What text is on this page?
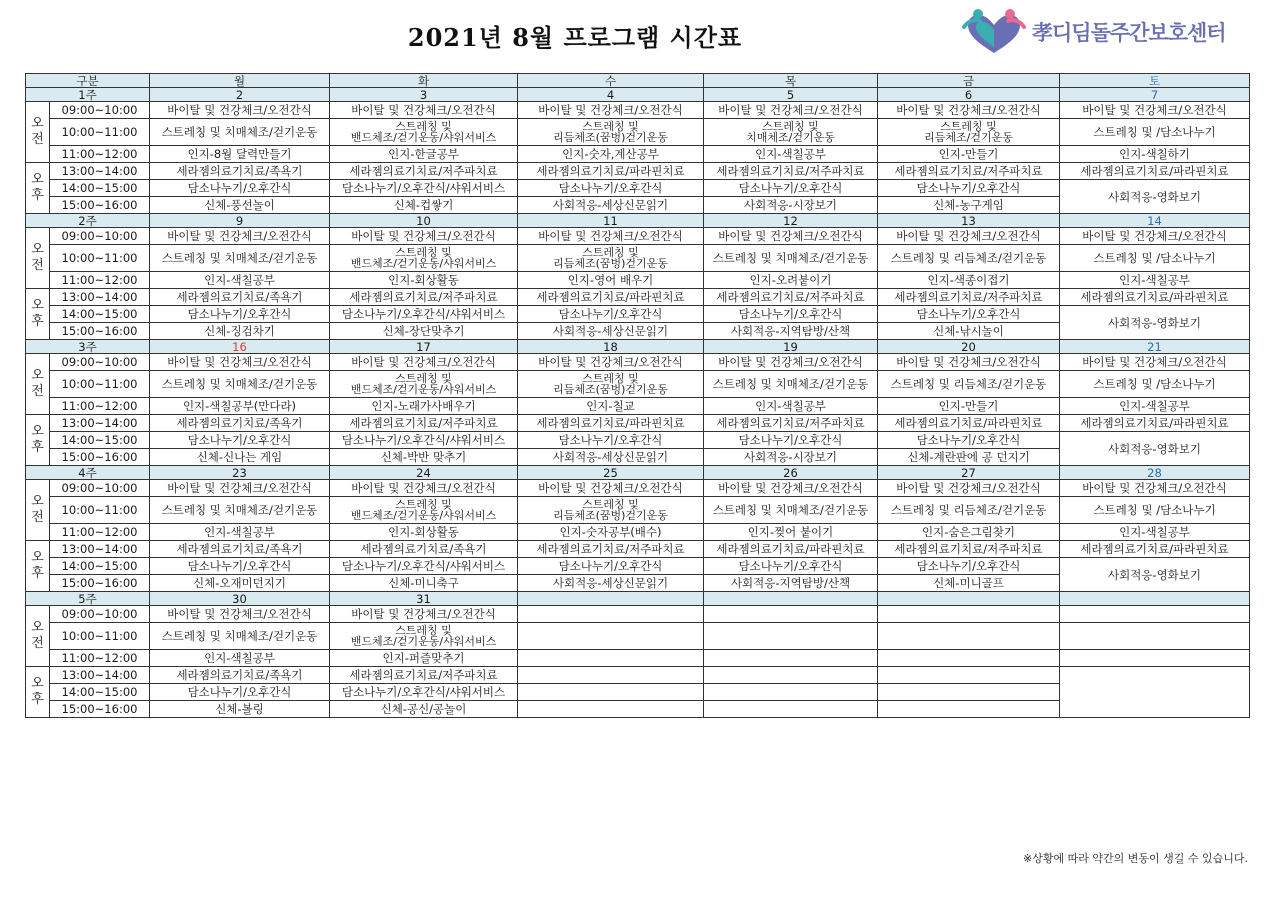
2021년 8월 프로그램 시간표	孝디딤돌주간보호센터
구분		월	화	수	목	금	토
1주		2	3	4	5	6	7
오
전	09:00~10:00	바이탈 및 건강체크/오전간식	바이탈 및 건강체크/오전간식	바이탈 및 건강체크/오전간식	바이탈 및 건강체크/오전간식	바이탈 및 건강체크/오전간식	바이탈 및 건강체크/오전간식
	10:00~11:00	스트레칭 및 치매체조/걷기운동	스트레칭 및
밴드체조/걷기운동/샤워서비스	스트레칭 및
리듬체조(꿈벙)걷기운동	스트레칭 및
치매체조/걷기운동	스트레칭 및
리듬체조/걷기운동	스트레칭 및 /담소나누기
	11:00~12:00	인지-8월 달력만들기	인지-한글공부	인지-숫자,계산공부	인지-색칠공부	인지-만들기	인지-색칠하기
오
후	13:00~14:00	세라젬의료기치료/족욕기	세라젬의료기치료/저주파치료	세라젬의료기치료/파라핀치료	세라젬의료기치료/저주파치료	세라젬의료기치료/저주파치료	세라젬의료기치료/파라핀치료
	14:00~15:00	담소나누기/오후간식	담소나누기/오후간식/샤워서비스	담소나누기/오후간식	담소나누기/오후간식	담소나누기/오후간식	사회적응-영화보기
	15:00~16:00	신체-풍선놀이	신체-컵쌓기	사회적응-세상신문읽기	사회적응-시장보기	신체-농구게임	
2주		9	10	11	12	13	14
오
전	09:00~10:00	바이탈 및 건강체크/오전간식	바이탈 및 건강체크/오전간식	바이탈 및 건강체크/오전간식	바이탈 및 건강체크/오전간식	바이탈 및 건강체크/오전간식	바이탈 및 건강체크/오전간식
	10:00~11:00	스트레칭 및 치매체조/걷기운동	스트레칭 및
밴드체조/걷기운동/샤워서비스	스트레칭 및
리듬체조(꿈벙)걷기운동	스트레칭 및 치매체조/걷기운동	스트레칭 및 리듬체조/걷기운동	스트레칭 및 /담소나누기
	11:00~12:00	인지-색칠공부	인지-회상활동	인지-영어 배우기	인지-오려붙이기	인지-색종이접기	인지-색칠공부
오
후	13:00~14:00	세라젬의료기치료/족욕기	세라젬의료기치료/저주파치료	세라젬의료기치료/파라핀치료	세라젬의료기치료/저주파치료	세라젬의료기치료/저주파치료	세라젬의료기치료/파라핀치료
	14:00~15:00	담소나누기/오후간식	담소나누기/오후간식/샤워서비스	담소나누기/오후간식	담소나누기/오후간식	담소나누기/오후간식	사회적응-영화보기
	15:00~16:00	신체-징검차기	신체-장단맞추기	사회적응-세상신문읽기	사회적응-지역탐방/산책	신체-낚시놀이	
3주		16	17	18	19	20	21
오
전	09:00~10:00	바이탈 및 건강체크/오전간식	바이탈 및 건강체크/오전간식	바이탈 및 건강체크/오전간식	바이탈 및 건강체크/오전간식	바이탈 및 건강체크/오전간식	바이탈 및 건강체크/오전간식
	10:00~11:00	스트레칭 및 치매체조/걷기운동	스트레칭 및
밴드체조/걷기운동/샤워서비스	스트레칭 및
리듬체조(꿈벙)걷기운동	스트레칭 및 치매체조/걷기운동	스트레칭 및 리듬체조/걷기운동	스트레칭 및 /담소나누기
	11:00~12:00	인지-색칠공부(만다라)	인지-노래가사배우기	인지-칠교	인지-색칠공부	인지-만들기	인지-색칠공부
오
후	13:00~14:00	세라젬의료기치료/족욕기	세라젬의료기치료/저주파치료	세라젬의료기치료/파라핀치료	세라젬의료기치료/저주파치료	세라젬의료기치료/파라핀치료	세라젬의료기치료/파라핀치료
	14:00~15:00	담소나누기/오후간식	담소나누기/오후간식/샤워서비스	담소나누기/오후간식	담소나누기/오후간식	담소나누기/오후간식	사회적응-영화보기
	15:00~16:00	신체-신나는 게임	신체-박반 맞추기	사회적응-세상신문읽기	사회적응-시장보기	신체-계란판에 공 던지기	
4주		23	24	25	26	27	28
오
전	09:00~10:00	바이탈 및 건강체크/오전간식	바이탈 및 건강체크/오전간식	바이탈 및 건강체크/오전간식	바이탈 및 건강체크/오전간식	바이탈 및 건강체크/오전간식	바이탈 및 건강체크/오전간식
	10:00~11:00	스트레칭 및 치매체조/걷기운동	스트레칭 및
밴드체조/걷기운동/샤워서비스	스트레칭 및
리듬체조(꿈벙)걷기운동	스트레칭 및 치매체조/걷기운동	스트레칭 및 리듬체조/걷기운동	스트레칭 및 /담소나누기
	11:00~12:00	인지-색칠공부	인지-회상활동	인지-숫자공부(배수)	인지-찢어 붙이기	인지-숨은그림찾기	인지-색칠공부
오
후	13:00~14:00	세라젬의료기치료/족욕기	세라젬의료기치료/족욕기	세라젬의료기치료/저주파치료	세라젬의료기치료/파라핀치료	세라젬의료기치료/저주파치료	세라젬의료기치료/파라핀치료
	14:00~15:00	담소나누기/오후간식	담소나누기/오후간식/샤워서비스	담소나누기/오후간식	담소나누기/오후간식	담소나누기/오후간식	사회적응-영화보기
	15:00~16:00	신체-오재미던지기	신체-미니축구	사회적응-세상신문읽기	사회적응-지역탐방/산책	신체-미니골프	
5주		30	31				
오
전	09:00~10:00	바이탈 및 건강체크/오전간식	바이탈 및 건강체크/오전간식				
	10:00~11:00	스트레칭 및 치매체조/걷기운동	스트레칭 및
밴드체조/걷기운동/샤워서비스				
	11:00~12:00	인지-색칠공부	인지-퍼즐맞추기				
오
후	13:00~14:00	세라젬의료기치료/족욕기	세라젬의료기치료/저주파치료				
	14:00~15:00	담소나누기/오후간식	담소나누기/오후간식/샤워서비스				
	15:00~16:00	신체-볼링	신체-공신/공놀이				
※상황에 따라 약간의 변동이 생길 수 있습니다.
